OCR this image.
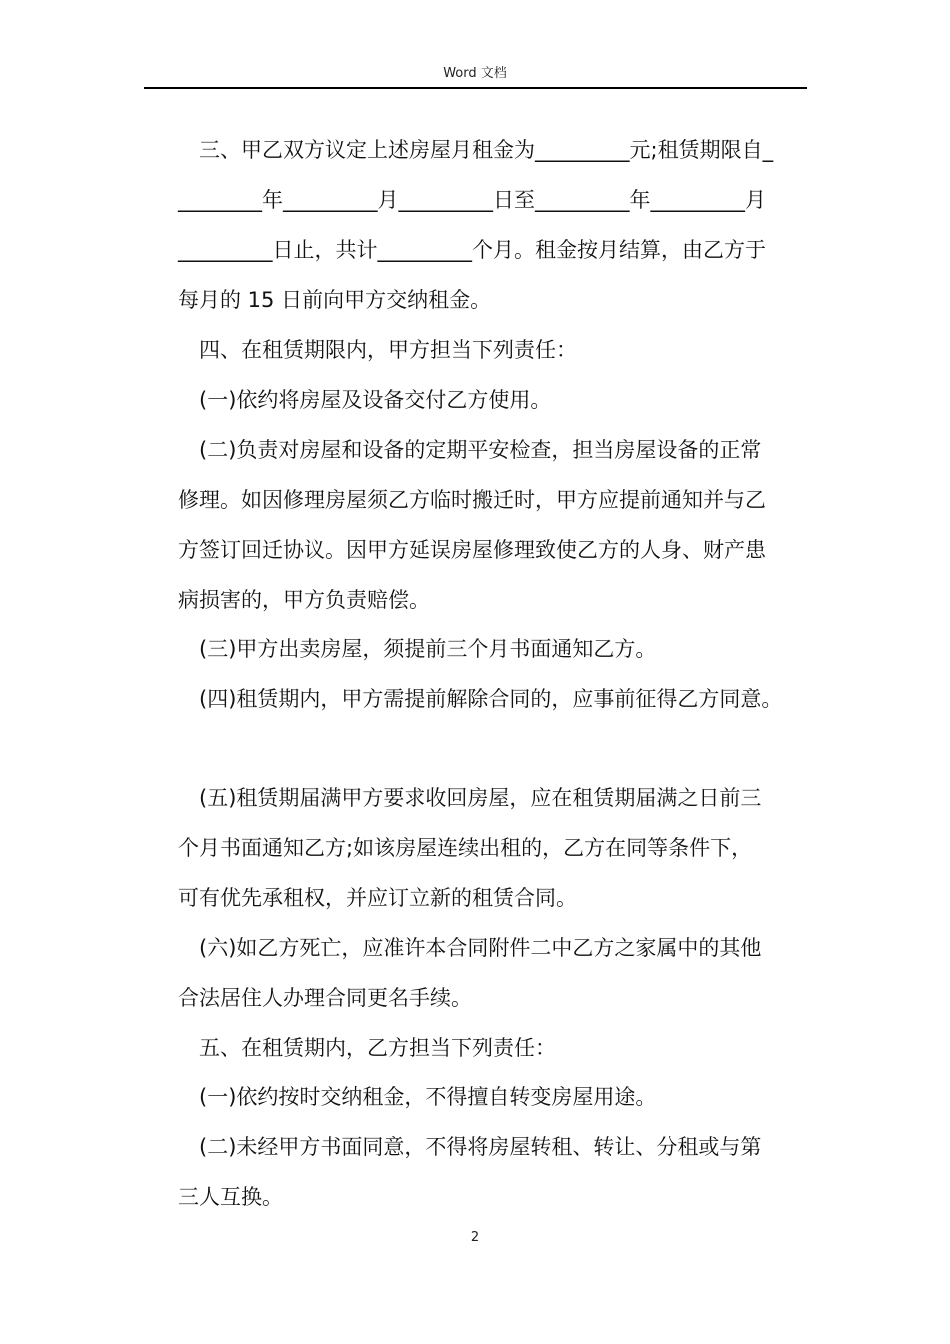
Word 文档

三、甲乙双方议定上述房屋月租金为_________元;租赁期限自_

________年_________月_________日至_________年_________月

_________日止，共计_________个月。租金按月结算，由乙方于

每月的 15 日前向甲方交纳租金。

四、在租赁期限内，甲方担当下列责任：

(一)依约将房屋及设备交付乙方使用。

(二)负责对房屋和设备的定期平安检查，担当房屋设备的正常

修理。如因修理房屋须乙方临时搬迁时，甲方应提前通知并与乙

方签订回迁协议。因甲方延误房屋修理致使乙方的人身、财产患

病损害的，甲方负责赔偿。

(三)甲方出卖房屋，须提前三个月书面通知乙方。

(四)租赁期内，甲方需提前解除合同的，应事前征得乙方同意。

(五)租赁期届满甲方要求收回房屋，应在租赁期届满之日前三

个月书面通知乙方;如该房屋连续出租的，乙方在同等条件下，

可有优先承租权，并应订立新的租赁合同。

(六)如乙方死亡，应准许本合同附件二中乙方之家属中的其他

合法居住人办理合同更名手续。

五、在租赁期内，乙方担当下列责任：

(一)依约按时交纳租金，不得擅自转变房屋用途。

(二)未经甲方书面同意，不得将房屋转租、转让、分租或与第

三人互换。

2
